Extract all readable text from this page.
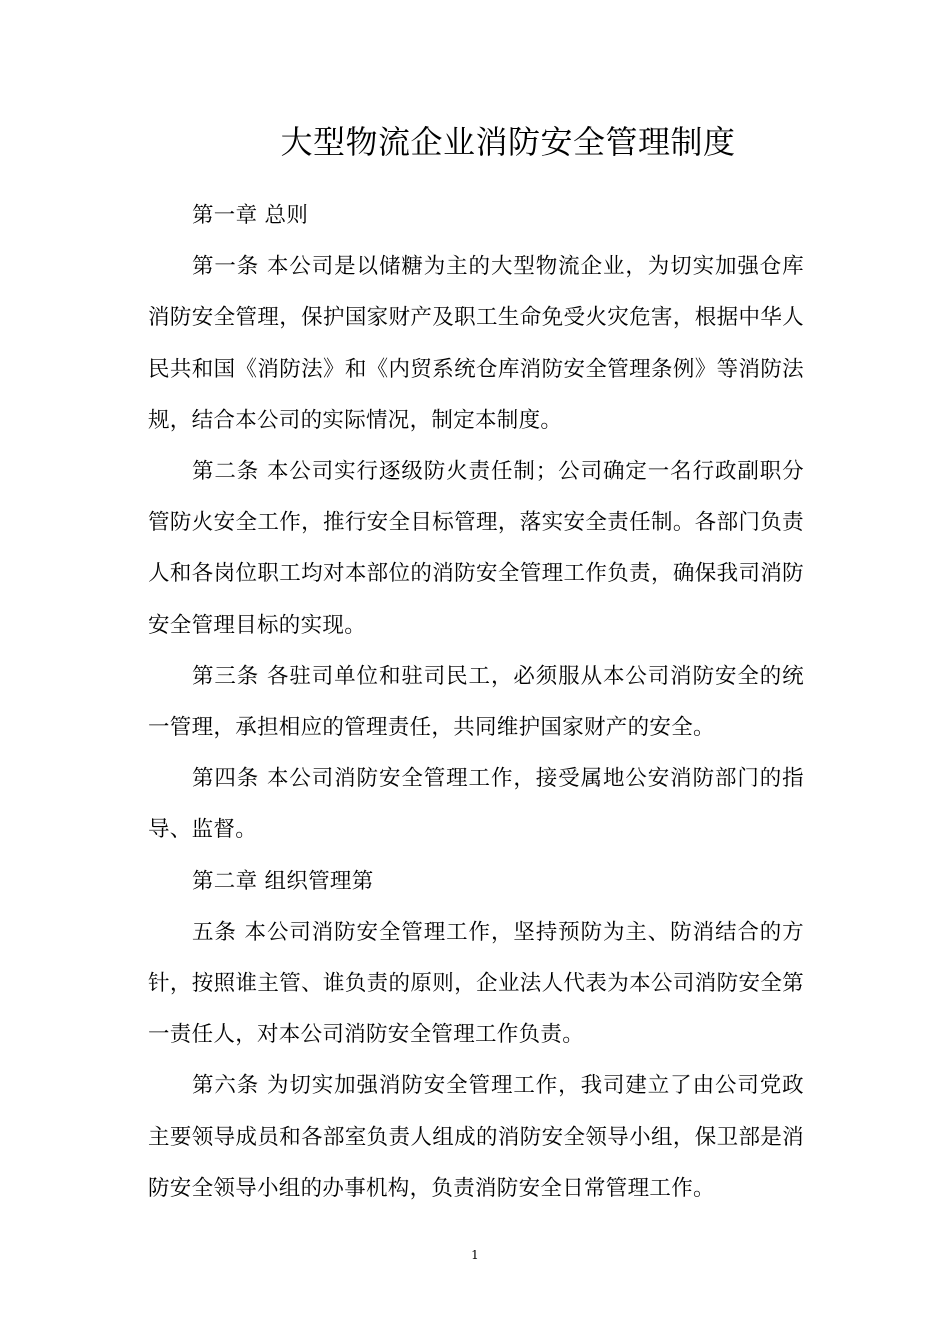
大型物流企业消防安全管理制度

第一章 总则

第一条 本公司是以储糖为主的大型物流企业，为切实加强仓库消防安全管理，保护国家财产及职工生命免受火灾危害，根据中华人民共和国《消防法》和《内贸系统仓库消防安全管理条例》等消防法规，结合本公司的实际情况，制定本制度。

第二条 本公司实行逐级防火责任制；公司确定一名行政副职分管防火安全工作，推行安全目标管理，落实安全责任制。各部门负责人和各岗位职工均对本部位的消防安全管理工作负责，确保我司消防安全管理目标的实现。

第三条 各驻司单位和驻司民工，必须服从本公司消防安全的统一管理，承担相应的管理责任，共同维护国家财产的安全。

第四条 本公司消防安全管理工作，接受属地公安消防部门的指导、监督。

第二章 组织管理第

五条 本公司消防安全管理工作，坚持预防为主、防消结合的方针，按照谁主管、谁负责的原则，企业法人代表为本公司消防安全第一责任人，对本公司消防安全管理工作负责。

第六条 为切实加强消防安全管理工作，我司建立了由公司党政主要领导成员和各部室负责人组成的消防安全领导小组，保卫部是消防安全领导小组的办事机构，负责消防安全日常管理工作。

1
